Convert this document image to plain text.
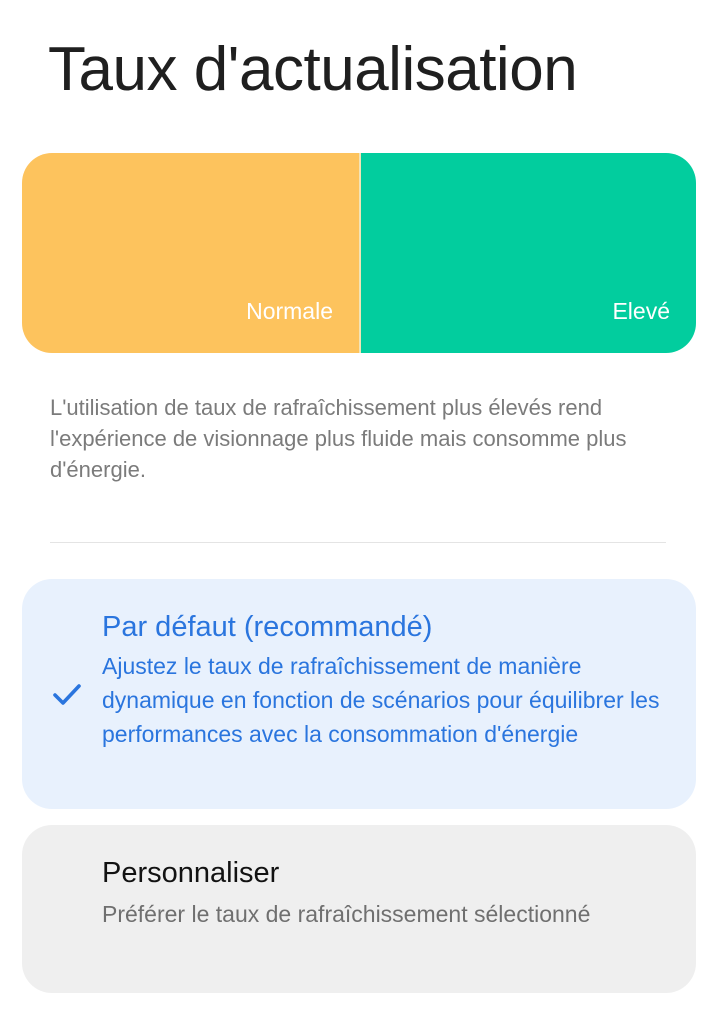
Taux d'actualisation
Normale	Elevé

L'utilisation de taux de rafraîchissement plus élevés rend l'expérience de visionnage plus fluide mais consomme plus d'énergie.

Par défaut (recommandé)

Ajustez le taux de rafraîchissement de manière dynamique en fonction de scénarios pour équilibrer les performances avec la consommation d'énergie

Personnaliser

Préférer le taux de rafraîchissement sélectionné
